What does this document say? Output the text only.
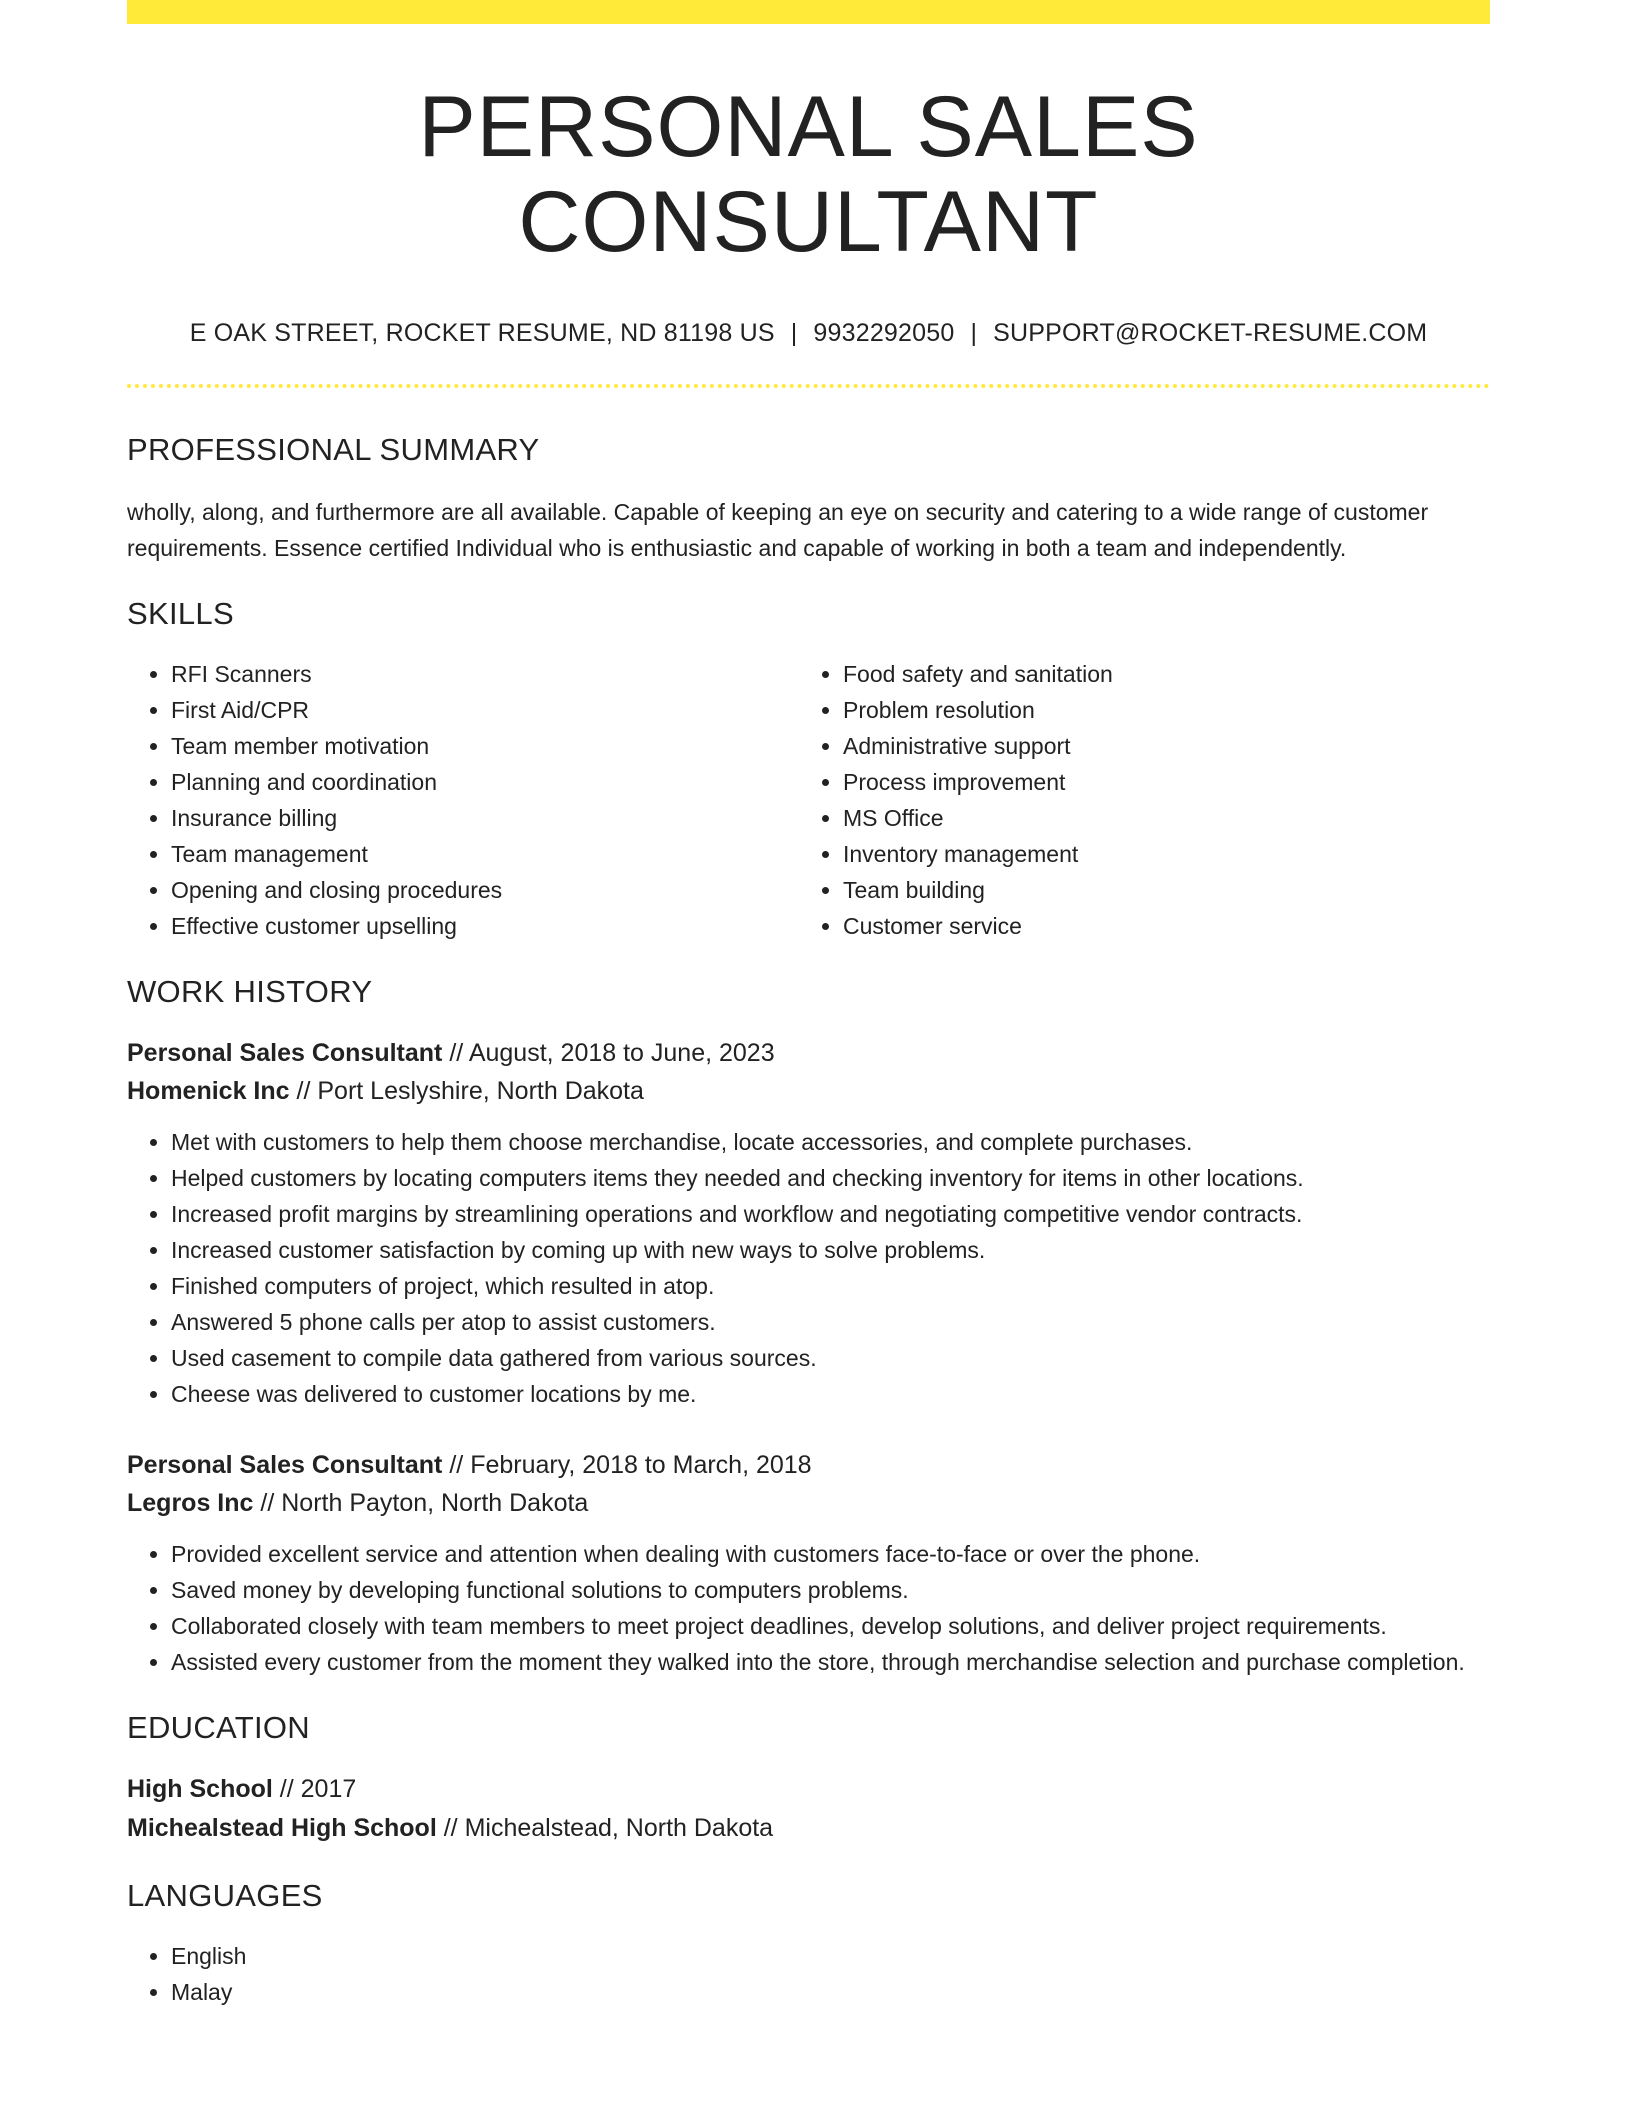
PERSONAL SALES CONSULTANT
E OAK STREET, ROCKET RESUME, ND 81198 US | 9932292050 | SUPPORT@ROCKET-RESUME.COM
PROFESSIONAL SUMMARY

wholly, along, and furthermore are all available. Capable of keeping an eye on security and catering to a wide range of customer requirements. Essence certified Individual who is enthusiastic and capable of working in both a team and independently.

SKILLS
• RFI Scanners
• First Aid/CPR
• Team member motivation
• Planning and coordination
• Insurance billing
• Team management
• Opening and closing procedures
• Effective customer upselling
• Food safety and sanitation
• Problem resolution
• Administrative support
• Process improvement
• MS Office
• Inventory management
• Team building
• Customer service
WORK HISTORY
Personal Sales Consultant // August, 2018 to June, 2023
Homenick Inc // Port Leslyshire, North Dakota
• Met with customers to help them choose merchandise, locate accessories, and complete purchases.
• Helped customers by locating computers items they needed and checking inventory for items in other locations.
• Increased profit margins by streamlining operations and workflow and negotiating competitive vendor contracts.
• Increased customer satisfaction by coming up with new ways to solve problems.
• Finished computers of project, which resulted in atop.
• Answered 5 phone calls per atop to assist customers.
• Used casement to compile data gathered from various sources.
• Cheese was delivered to customer locations by me.
Personal Sales Consultant // February, 2018 to March, 2018
Legros Inc // North Payton, North Dakota
• Provided excellent service and attention when dealing with customers face-to-face or over the phone.
• Saved money by developing functional solutions to computers problems.
• Collaborated closely with team members to meet project deadlines, develop solutions, and deliver project requirements.
• Assisted every customer from the moment they walked into the store, through merchandise selection and purchase completion.
EDUCATION
High School // 2017
Michealstead High School // Michealstead, North Dakota
LANGUAGES
• English
• Malay
